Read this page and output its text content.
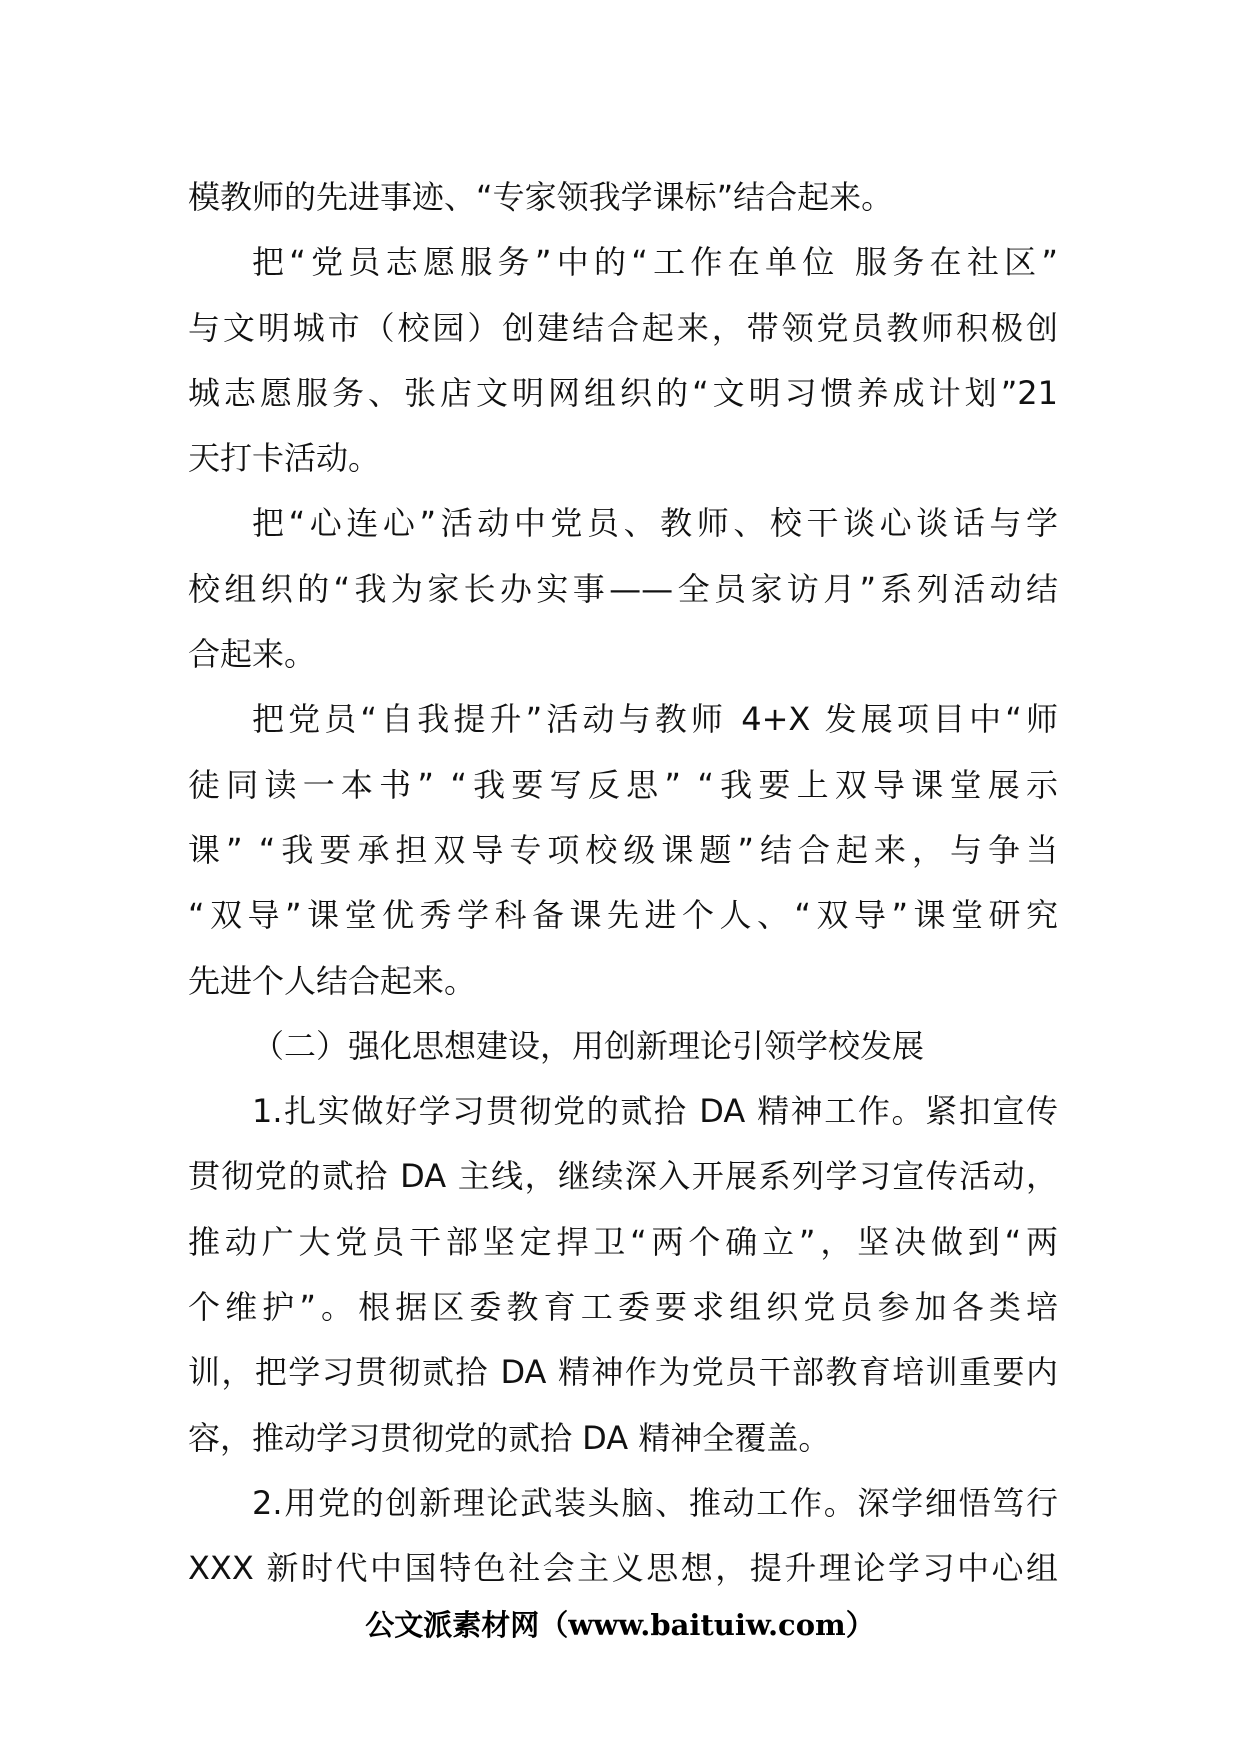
模教师的先进事迹、“专家领我学课标”结合起来。
把“党员志愿服务”中的“工作在单位 服务在社区”
与文明城市（校园）创建结合起来，带领党员教师积极创
城志愿服务、张店文明网组织的“文明习惯养成计划”21
天打卡活动。
把“心连心”活动中党员、教师、校干谈心谈话与学
校组织的“我为家长办实事——全员家访月”系列活动结
合起来。
把党员“自我提升”活动与教师 4+X 发展项目中“师
徒同读一本书” “我要写反思” “我要上双导课堂展示
课” “我要承担双导专项校级课题”结合起来，与争当
“双导”课堂优秀学科备课先进个人、“双导”课堂研究
先进个人结合起来。
（二）强化思想建设，用创新理论引领学校发展
1.扎实做好学习贯彻党的贰拾 DA 精神工作。紧扣宣传
贯彻党的贰拾 DA 主线，继续深入开展系列学习宣传活动，
推动广大党员干部坚定捍卫“两个确立”，坚决做到“两
个维护”。根据区委教育工委要求组织党员参加各类培
训，把学习贯彻贰拾 DA 精神作为党员干部教育培训重要内
容，推动学习贯彻党的贰拾 DA 精神全覆盖。
2.用党的创新理论武装头脑、推动工作。深学细悟笃行
XXX 新时代中国特色社会主义思想，提升理论学习中心组
公文派素材网（www.baituiw.com）
